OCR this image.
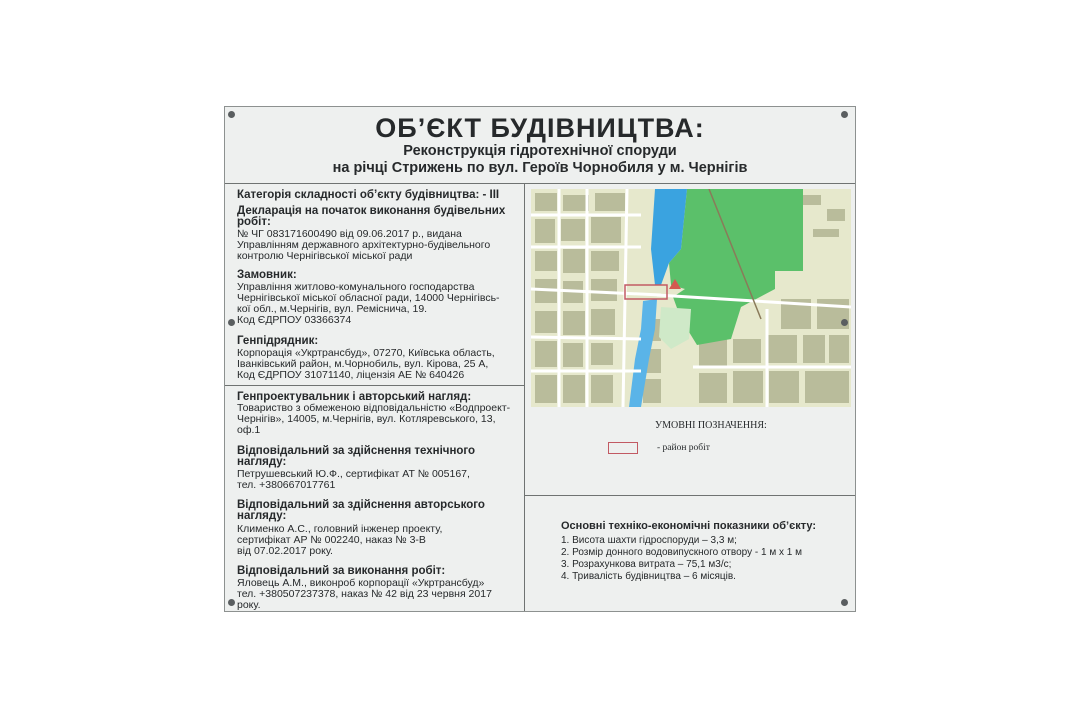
ОБ’ЄКТ БУДІВНИЦТВА:
Реконструкція гідротехнічної споруди
на річці Стрижень по вул. Героїв Чорнобиля у м. Чернігів
Категорія складності об’єкту будівництва: - ІІІ
Декларація на початок виконання будівельних
робіт:
№ ЧГ 083171600490 від 09.06.2017 р., видана
Управлінням державного архітектурно-будівельного
контролю Чернігівської міської ради
Замовник:
Управління житлово-комунального господарства
Чернігівської міської обласної ради, 14000 Чернігівсь-
кої обл., м.Чернігів, вул. Реміснича, 19.
Код ЄДРПОУ 03366374
Генпідрядник:
Корпорація «Укртрансбуд», 07270, Київська область,
Іванківський район, м.Чорнобиль, вул. Кірова, 25 А,
Код ЄДРПОУ 31071140, ліцензія АЕ № 640426
Генпроектувальник і авторський нагляд:
Товариство з обмеженою відповідальністю «Водпроект-
Чернігів», 14005, м.Чернігів, вул. Котляревського, 13,
оф.1
Відповідальний за здійснення технічного
нагляду:
Петрушевський Ю.Ф., сертифікат АТ № 005167,
тел. +380667017761
Відповідальний за здійснення авторського
нагляду:
Клименко А.С., головний інженер проекту,
сертифікат АР № 002240, наказ № 3-В
від 07.02.2017 року.
Відповідальний за виконання робіт:
Яловець А.М., виконроб корпорації «Укртрансбуд»
тел. +380507237378, наказ № 42 від 23 червня 2017
року.
УМОВНІ ПОЗНАЧЕННЯ:
- район робіт
Основні техніко-економічні показники об’єкту:
1. Висота шахти гідроспоруди – 3,3 м;
2. Розмір донного водовипускного отвору - 1 м х 1 м
3. Розрахункова витрата – 75,1 м3/с;
4. Тривалість будівництва – 6 місяців.
